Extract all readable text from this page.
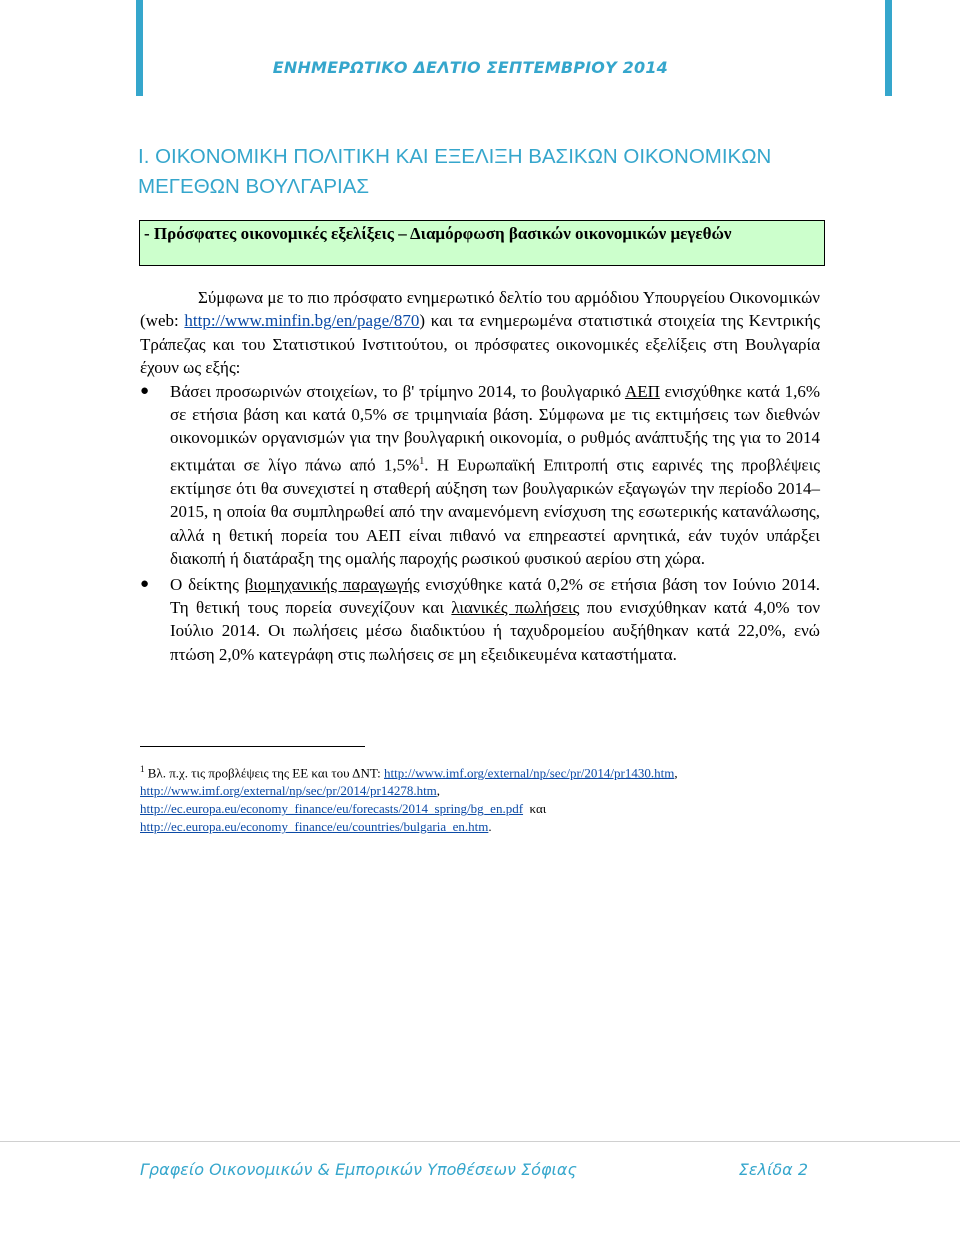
ΕΝΗΜΕΡΩΤΙΚΟ ΔΕΛΤΙΟ ΣΕΠΤΕΜΒΡΙΟΥ 2014
Ι. ΟΙΚΟΝΟΜΙΚΗ ΠΟΛΙΤΙΚΗ ΚΑΙ ΕΞΕΛΙΞΗ ΒΑΣΙΚΩΝ ΟΙΚΟΝΟΜΙΚΩΝ ΜΕΓΕΘΩΝ ΒΟΥΛΓΑΡΙΑΣ
- Πρόσφατες οικονομικές εξελίξεις – Διαμόρφωση βασικών οικονομικών μεγεθών

Σύμφωνα με το πιο πρόσφατο ενημερωτικό δελτίο του αρμόδιου Υπουργείου Οικονομικών (web: http://www.minfin.bg/en/page/870) και τα ενημερωμένα στατιστικά στοιχεία της Κεντρικής Τράπεζας και του Στατιστικού Ινστιτούτου, οι πρόσφατες οικονομικές εξελίξεις στη Βουλγαρία έχουν ως εξής:

● Βάσει προσωρινών στοιχείων, το β' τρίμηνο 2014, το βουλγαρικό ΑΕΠ ενισχύθηκε κατά 1,6% σε ετήσια βάση και κατά 0,5% σε τριμηνιαία βάση. Σύμφωνα με τις εκτιμήσεις των διεθνών οικονομικών οργανισμών για την βουλγαρική οικονομία, ο ρυθμός ανάπτυξής της για το 2014 εκτιμάται σε λίγο πάνω από 1,5%$^1$. Η Ευρωπαϊκή Επιτροπή στις εαρινές της προβλέψεις εκτίμησε ότι θα συνεχιστεί η σταθερή αύξηση των βουλγαρικών εξαγωγών την περίοδο 2014–2015, η οποία θα συμπληρωθεί από την αναμενόμενη ενίσχυση της εσωτερικής κατανάλωσης, αλλά η θετική πορεία του ΑΕΠ είναι πιθανό να επηρεαστεί αρνητικά, εάν τυχόν υπάρξει διακοπή ή διατάραξη της ομαλής παροχής ρωσικού φυσικού αερίου στη χώρα.
● Ο δείκτης βιομηχανικής παραγωγής ενισχύθηκε κατά 0,2% σε ετήσια βάση τον Ιούνιο 2014. Τη θετική τους πορεία συνεχίζουν και λιανικές πωλήσεις που ενισχύθηκαν κατά 4,0% τον Ιούλιο 2014. Οι πωλήσεις μέσω διαδικτύου ή ταχυδρομείου αυξήθηκαν κατά 22,0%, ενώ πτώση 2,0% κατεγράφη στις πωλήσεις σε μη εξειδικευμένα καταστήματα.
$^1$ Βλ. π.χ. τις προβλέψεις της ΕΕ και του ΔΝΤ: http://www.imf.org/external/np/sec/pr/2014/pr1430.htm,
http://www.imf.org/external/np/sec/pr/2014/pr14278.htm,
http://ec.europa.eu/economy_finance/eu/forecasts/2014_spring/bg_en.pdf και
http://ec.europa.eu/economy_finance/eu/countries/bulgaria_en.htm.
Γραφείο Οικονομικών & Εμπορικών Υποθέσεων Σόφιας	Σελίδα 2
